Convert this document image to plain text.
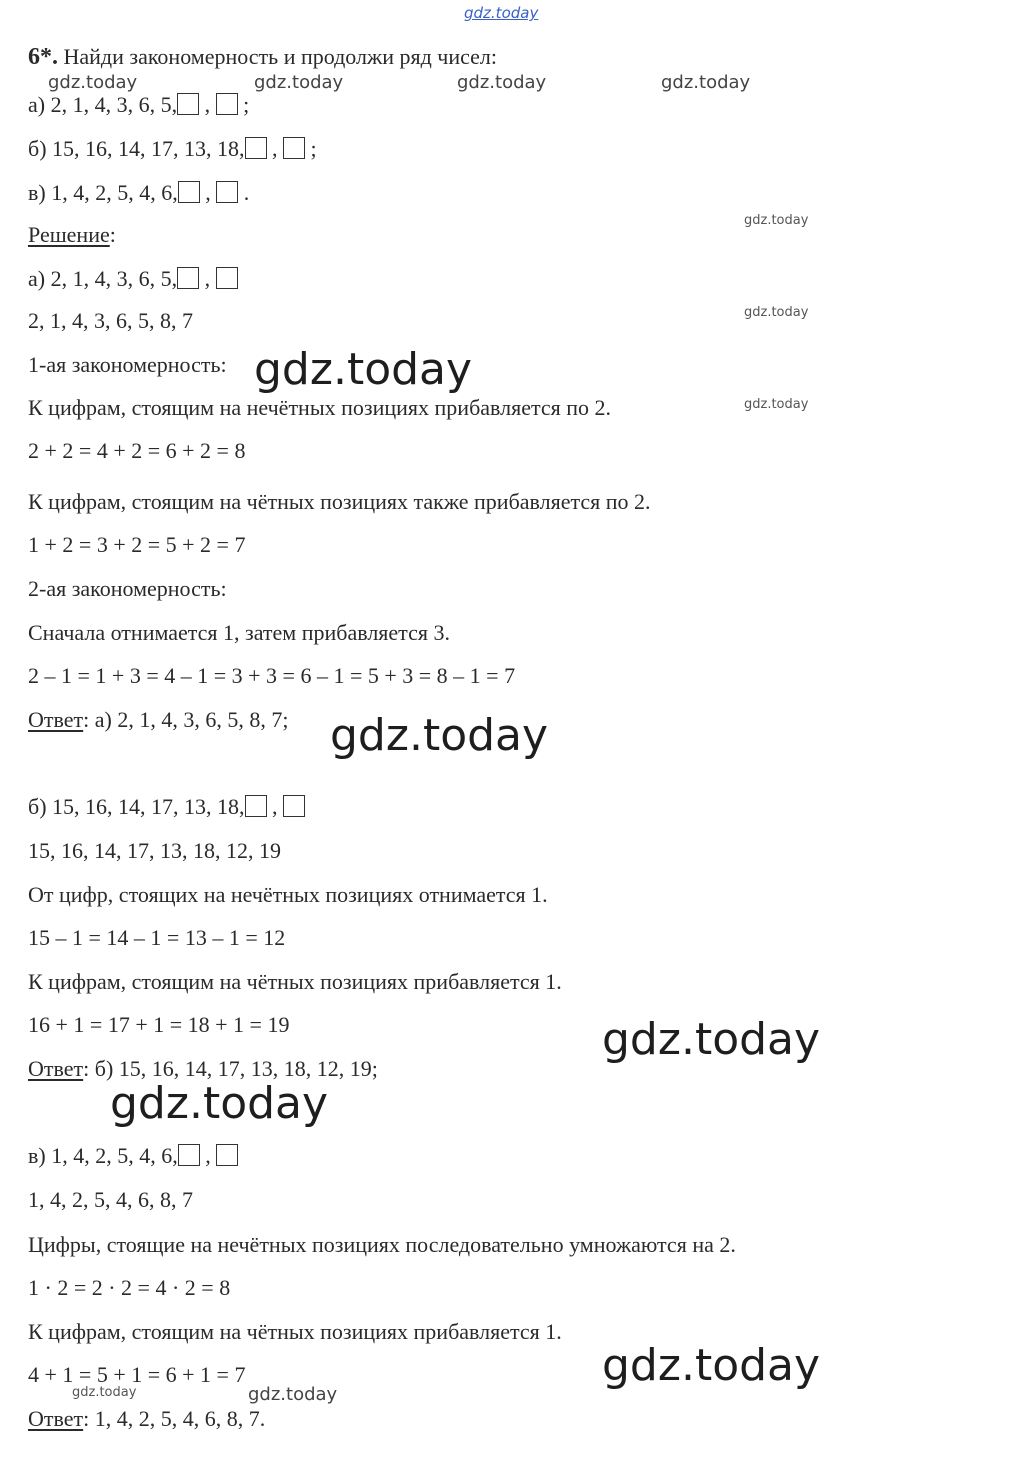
6*. Найди закономерность и продолжи ряд чисел:
а) 2, 1, 4, 3, 6, 5, , ;
б) 15, 16, 14, 17, 13, 18, , ;
в) 1, 4, 2, 5, 4, 6, , .
Решение:
а) 2, 1, 4, 3, 6, 5, ,
2, 1, 4, 3, 6, 5, 8, 7
1-ая закономерность:
К цифрам, стоящим на нечётных позициях прибавляется по 2.
2 + 2 = 4 + 2 = 6 + 2 = 8
К цифрам, стоящим на чётных позициях также прибавляется по 2.
1 + 2 = 3 + 2 = 5 + 2 = 7
2-ая закономерность:
Сначала отнимается 1, затем прибавляется 3.
2 – 1 = 1 + 3 = 4 – 1 = 3 + 3 = 6 – 1 = 5 + 3 = 8 – 1 = 7
Ответ: а) 2, 1, 4, 3, 6, 5, 8, 7;
б) 15, 16, 14, 17, 13, 18, ,
15, 16, 14, 17, 13, 18, 12, 19
От цифр, стоящих на нечётных позициях отнимается 1.
15 – 1 = 14 – 1 = 13 – 1 = 12
К цифрам, стоящим на чётных позициях прибавляется 1.
16 + 1 = 17 + 1 = 18 + 1 = 19
Ответ: б) 15, 16, 14, 17, 13, 18, 12, 19;
в) 1, 4, 2, 5, 4, 6, ,
1, 4, 2, 5, 4, 6, 8, 7
Цифры, стоящие на нечётных позициях последовательно умножаются на 2.
1 · 2 = 2 · 2 = 4 · 2 = 8
К цифрам, стоящим на чётных позициях прибавляется 1.
4 + 1 = 5 + 1 = 6 + 1 = 7
Ответ: 1, 4, 2, 5, 4, 6, 8, 7.
gdz.today
gdz.today	gdz.today	gdz.today	gdz.today
gdz.today
gdz.today
gdz.today
gdz.today
gdz.today
gdz.today
gdz.today
gdz.today
gdz.today	gdz.today
